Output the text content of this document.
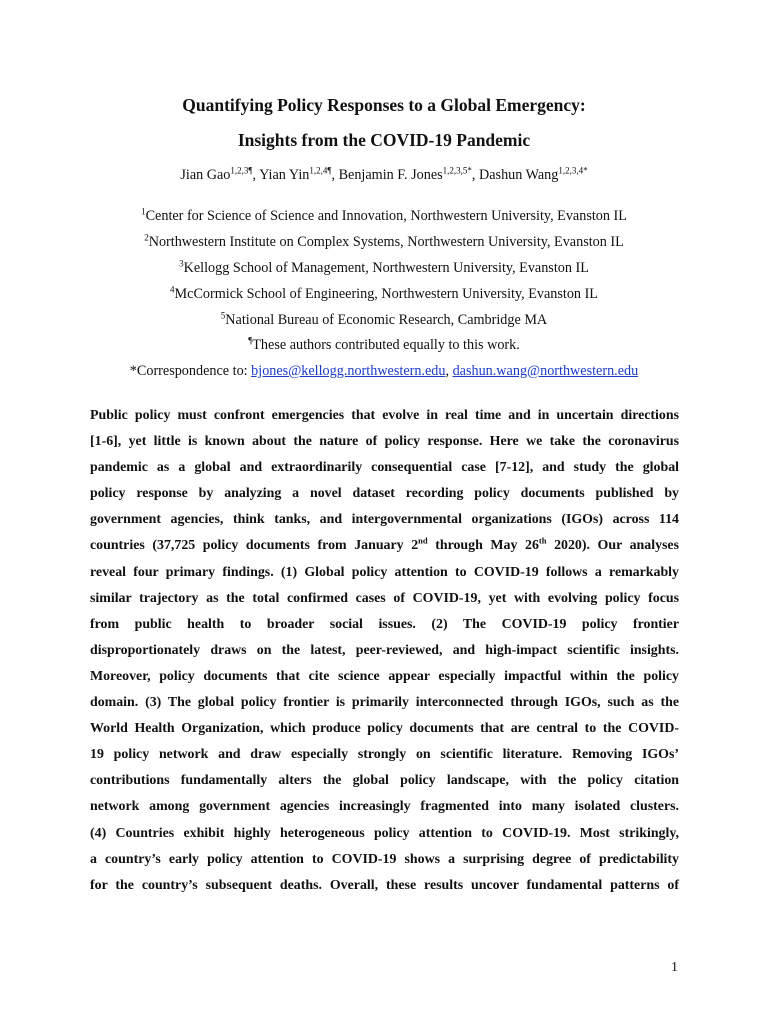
Quantifying Policy Responses to a Global Emergency:
Insights from the COVID-19 Pandemic
Jian Gao$^{1,2,3\P}$, Yian Yin$^{1,2,4\P}$, Benjamin F. Jones$^{1,2,3,5*}$, Dashun Wang$^{1,2,3,4*}$
$^1$Center for Science of Science and Innovation, Northwestern University, Evanston IL
$^2$Northwestern Institute on Complex Systems, Northwestern University, Evanston IL
$^3$Kellogg School of Management, Northwestern University, Evanston IL
$^4$McCormick School of Engineering, Northwestern University, Evanston IL
$^5$National Bureau of Economic Research, Cambridge MA
¶These authors contributed equally to this work.
*Correspondence to: bjones@kellogg.northwestern.edu, dashun.wang@northwestern.edu
Public policy must confront emergencies that evolve in real time and in uncertain directions
[1-6], yet little is known about the nature of policy response. Here we take the coronavirus
pandemic as a global and extraordinarily consequential case [7-12], and study the global
policy response by analyzing a novel dataset recording policy documents published by
government agencies, think tanks, and intergovernmental organizations (IGOs) across 114
countries (37,725 policy documents from January 2nd through May 26th 2020). Our analyses
reveal four primary findings. (1) Global policy attention to COVID-19 follows a remarkably
similar trajectory as the total confirmed cases of COVID-19, yet with evolving policy focus
from public health to broader social issues. (2) The COVID-19 policy frontier
disproportionately draws on the latest, peer-reviewed, and high-impact scientific insights.
Moreover, policy documents that cite science appear especially impactful within the policy
domain. (3) The global policy frontier is primarily interconnected through IGOs, such as the
World Health Organization, which produce policy documents that are central to the COVID-
19 policy network and draw especially strongly on scientific literature. Removing IGOs’
contributions fundamentally alters the global policy landscape, with the policy citation
network among government agencies increasingly fragmented into many isolated clusters.
(4) Countries exhibit highly heterogeneous policy attention to COVID-19. Most strikingly,
a country’s early policy attention to COVID-19 shows a surprising degree of predictability
for the country’s subsequent deaths. Overall, these results uncover fundamental patterns of
1
